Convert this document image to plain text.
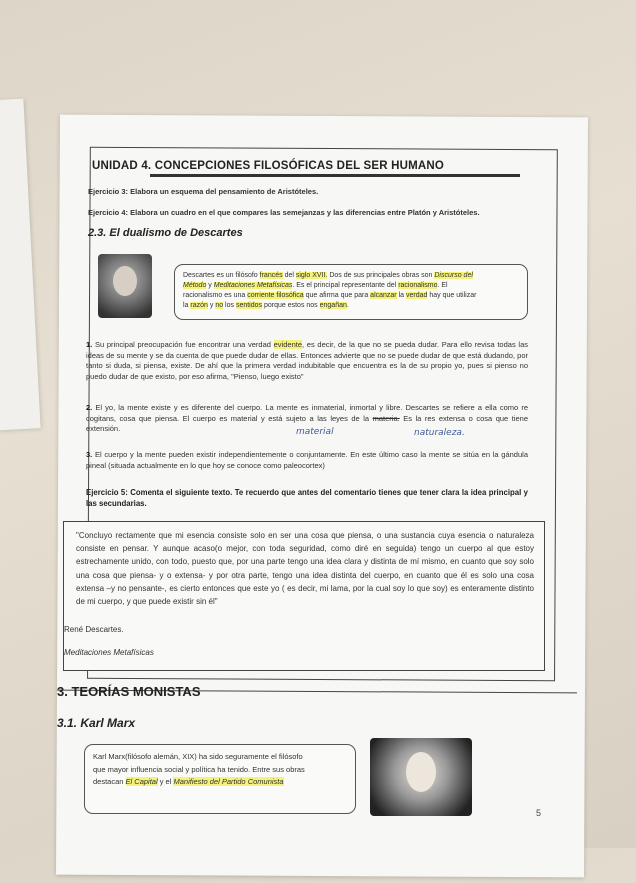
UNIDAD 4. CONCEPCIONES FILOSÓFICAS DEL SER HUMANO
Ejercicio 3: Elabora un esquema del pensamiento de Aristóteles.
Ejercicio 4: Elabora un cuadro en el que compares las semejanzas y las diferencias entre Platón y Aristóteles.
2.3. El dualismo de Descartes
Descartes es un filósofo francés del siglo XVII. Dos de sus principales obras son Discurso del
Método y Meditaciones Metafísicas. Es el principal representante del racionalismo. El
racionalismo es una corriente filosófica que afirma que para alcanzar la verdad hay que utilizar
la razón y no los sentidos porque estos nos engañan.
1. Su principal preocupación fue encontrar una verdad evidente, es decir, de la que no se pueda dudar. Para ello revisa todas las ideas de su mente y se da cuenta de que puede dudar de ellas. Entonces advierte que no se puede dudar de que está dudando, por tanto si duda, si piensa, existe. De ahí que la primera verdad indubitable que encuentra es la de su propio yo, pues si pienso no puedo dudar de que existo, por eso afirma, "Pienso, luego existo"
2. El yo, la mente existe y es diferente del cuerpo. La mente es inmaterial, inmortal y libre. Descartes se refiere a ella como re cogitans, cosa que piensa. El cuerpo es material y está sujeto a las leyes de la materia. Es la res extensa o cosa que tiene extensión.	material	naturaleza.
3. El cuerpo y la mente pueden existir independientemente o conjuntamente. En este último caso la mente se sitúa en la gándula pineal (situada actualmente en lo que hoy se conoce como paleocortex)
Ejercicio 5: Comenta el siguiente texto. Te recuerdo que antes del comentario tienes que tener clara la idea principal y las secundarias.
"Concluyo rectamente que mi esencia consiste solo en ser una cosa que piensa, o una sustancia cuya esencia o naturaleza consiste en pensar. Y aunque acaso(o mejor, con toda seguridad, como diré en seguida) tengo un cuerpo al que estoy estrechamente unido, con todo, puesto que, por una parte tengo una idea clara y distinta de mí mismo, en cuanto que soy solo una cosa que piensa- y o extensa- y por otra parte, tengo una idea distinta del cuerpo, en cuanto que él es solo una cosa extensa –y no pensante-, es cierto entonces que este yo ( es decir, mi lama, por la cual soy lo que soy) es enteramente distinto de mi cuerpo, y que puede existir sin él"
René Descartes.
Meditaciones Metafísicas
3. TEORÍAS MONISTAS
3.1. Karl Marx
Karl Marx(filósofo alemán, XIX) ha sido seguramente el filósofo
que mayor influencia social y política ha tenido. Entre sus obras
destacan El Capital y el Manifiesto del Partido Comunista
5
